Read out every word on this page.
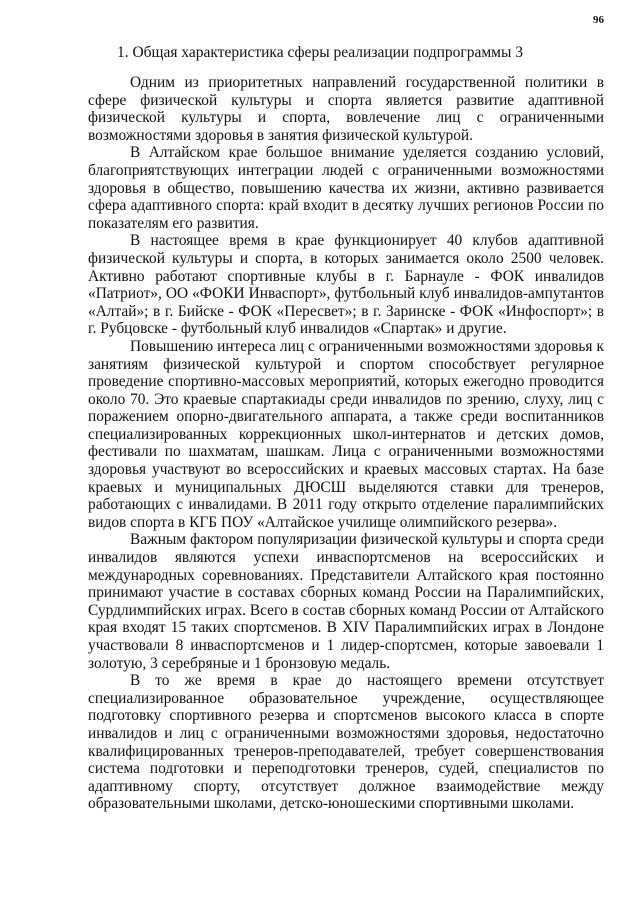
96
1. Общая характеристика сферы реализации подпрограммы 3

Одним из приоритетных направлений государственной политики в сфере физической культуры и спорта является развитие адаптивной физической культуры и спорта, вовлечение лиц с ограниченными возможностями здоровья в занятия физической культурой.

В Алтайском крае большое внимание уделяется созданию условий, благоприятствующих интеграции людей с ограниченными возможностями здоровья в общество, повышению качества их жизни, активно развивается сфера адаптивного спорта: край входит в десятку лучших регионов России по показателям его развития.

В настоящее время в крае функционирует 40 клубов адаптивной физической культуры и спорта, в которых занимается около 2500 человек. Активно работают спортивные клубы в г. Барнауле - ФОК инвалидов «Патриот», ОО «ФОКИ Инваспорт», футбольный клуб инвалидов-ампутантов «Алтай»; в г. Бийске - ФОК «Пересвет»; в г. Заринске - ФОК «Инфоспорт»; в г. Рубцовске - футбольный клуб инвалидов «Спартак» и другие.

Повышению интереса лиц с ограниченными возможностями здоровья к занятиям физической культурой и спортом способствует регулярное проведение спортивно-массовых мероприятий, которых ежегодно проводится около 70. Это краевые спартакиады среди инвалидов по зрению, слуху, лиц с поражением опорно-двигательного аппарата, а также среди воспитанников специализированных коррекционных школ-интернатов и детских домов, фестивали по шахматам, шашкам. Лица с ограниченными возможностями здоровья участвуют во всероссийских и краевых массовых стартах. На базе краевых и муниципальных ДЮСШ выделяются ставки для тренеров, работающих с инвалидами. В 2011 году открыто отделение паралимпийских видов спорта в КГБ ПОУ «Алтайское училище олимпийского резерва».

Важным фактором популяризации физической культуры и спорта среди инвалидов являются успехи инваспортсменов на всероссийских и международных соревнованиях. Представители Алтайского края постоянно принимают участие в составах сборных команд России на Паралимпийских, Сурдлимпийских играх. Всего в состав сборных команд России от Алтайского края входят 15 таких спортсменов. В XIV Паралимпийских играх в Лондоне участвовали 8 инваспортсменов и 1 лидер-спортсмен, которые завоевали 1 золотую, 3 серебряные и 1 бронзовую медаль.

В то же время в крае до настоящего времени отсутствует специализированное образовательное учреждение, осуществляющее подготовку спортивного резерва и спортсменов высокого класса в спорте инвалидов и лиц с ограниченными возможностями здоровья, недостаточно квалифицированных тренеров-преподавателей, требует совершенствования система подготовки и переподготовки тренеров, судей, специалистов по адаптивному спорту, отсутствует должное взаимодействие между образовательными школами, детско-юношескими спортивными школами.
